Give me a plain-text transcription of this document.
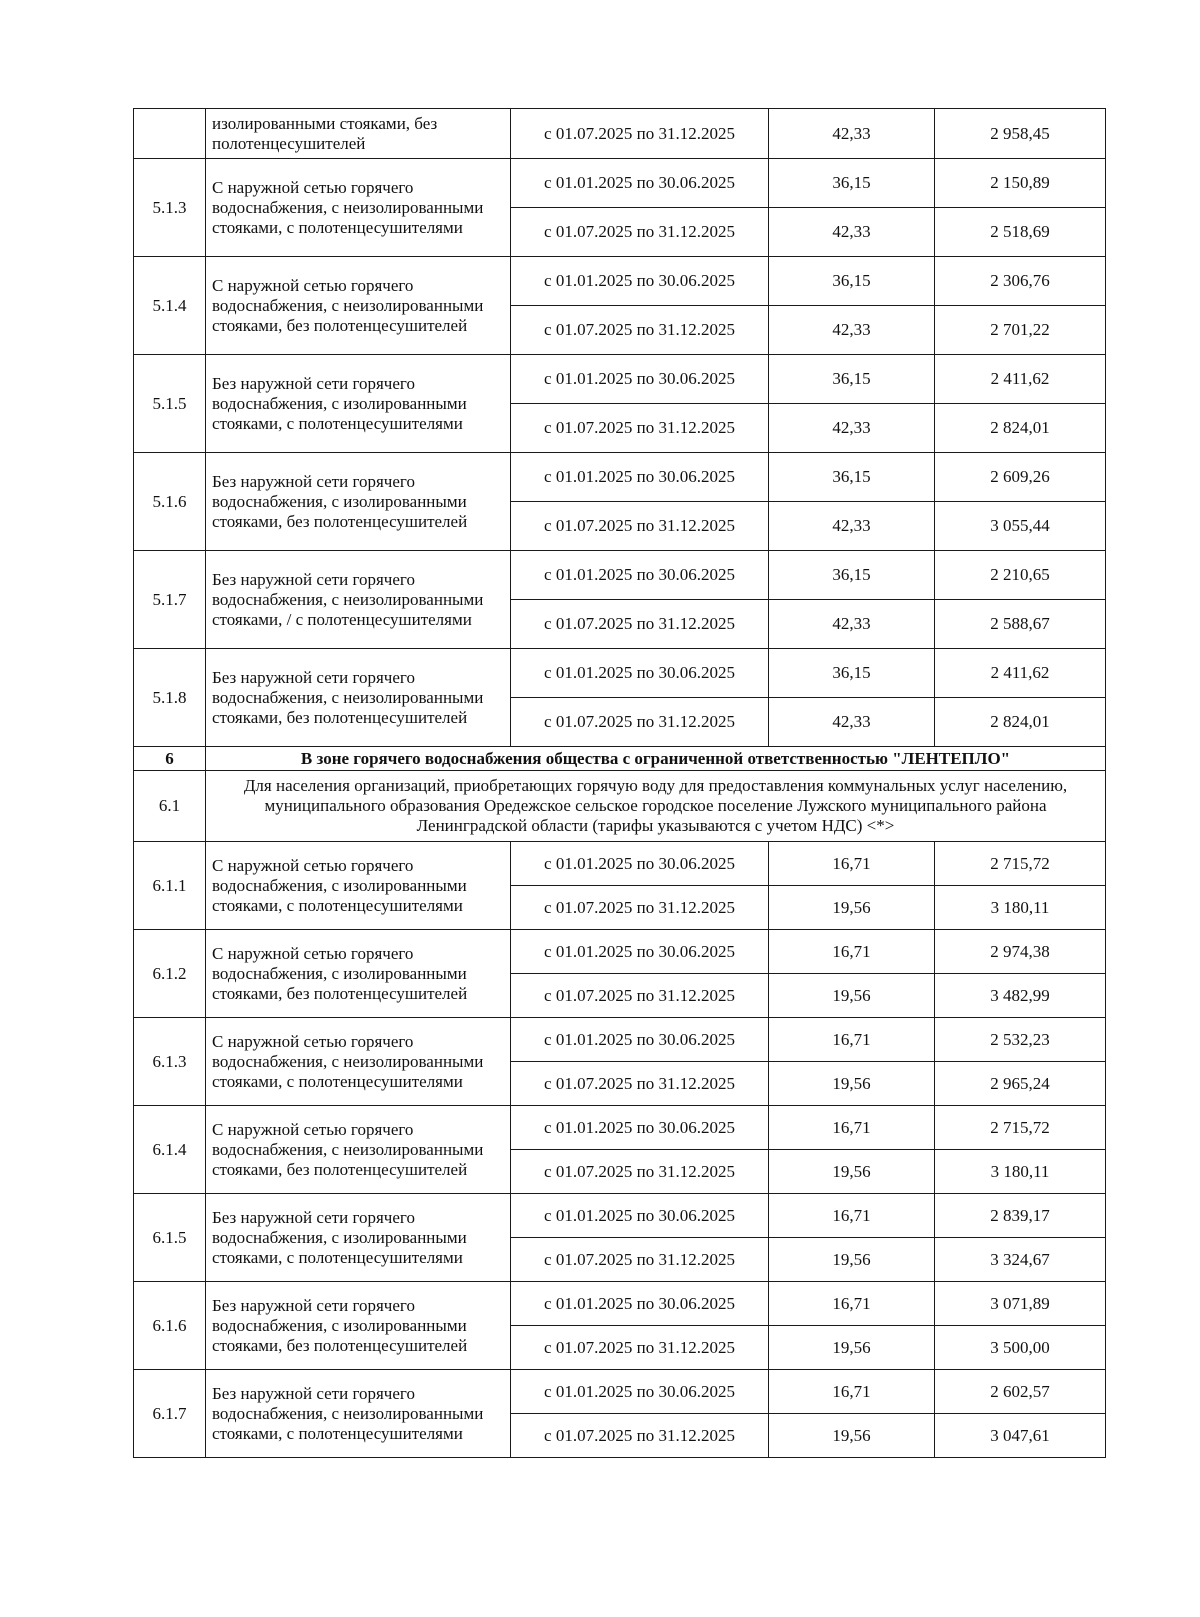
	изолированными стояками, без полотенцесушителей	с 01.07.2025 по 31.12.2025	42,33	2 958,45
5.1.3	С наружной сетью горячего водоснабжения, с неизолированными стояками, с полотенцесушителями	с 01.01.2025 по 30.06.2025	36,15	2 150,89
		с 01.07.2025 по 31.12.2025	42,33	2 518,69
5.1.4	С наружной сетью горячего водоснабжения, с неизолированными стояками, без полотенцесушителей	с 01.01.2025 по 30.06.2025	36,15	2 306,76
		с 01.07.2025 по 31.12.2025	42,33	2 701,22
5.1.5	Без наружной сети горячего водоснабжения, с изолированными стояками, с полотенцесушителями	с 01.01.2025 по 30.06.2025	36,15	2 411,62
		с 01.07.2025 по 31.12.2025	42,33	2 824,01
5.1.6	Без наружной сети горячего водоснабжения, с изолированными стояками, без полотенцесушителей	с 01.01.2025 по 30.06.2025	36,15	2 609,26
		с 01.07.2025 по 31.12.2025	42,33	3 055,44
5.1.7	Без наружной сети горячего водоснабжения, с неизолированными стояками, / с полотенцесушителями	с 01.01.2025 по 30.06.2025	36,15	2 210,65
		с 01.07.2025 по 31.12.2025	42,33	2 588,67
5.1.8	Без наружной сети горячего водоснабжения, с неизолированными стояками, без полотенцесушителей	с 01.01.2025 по 30.06.2025	36,15	2 411,62
		с 01.07.2025 по 31.12.2025	42,33	2 824,01
6	В зоне горячего водоснабжения общества с ограниченной ответственностью "ЛЕНТЕПЛО"			
6.1	Для населения организаций, приобретающих горячую воду для предоставления коммунальных услуг населению, муниципального образования Оредежское сельское городское поселение Лужского муниципального района Ленинградской области (тарифы указываются с учетом НДС) <*>			
6.1.1	С наружной сетью горячего водоснабжения, с изолированными стояками, с полотенцесушителями	с 01.01.2025 по 30.06.2025	16,71	2 715,72
		с 01.07.2025 по 31.12.2025	19,56	3 180,11
6.1.2	С наружной сетью горячего водоснабжения, с изолированными стояками, без полотенцесушителей	с 01.01.2025 по 30.06.2025	16,71	2 974,38
		с 01.07.2025 по 31.12.2025	19,56	3 482,99
6.1.3	С наружной сетью горячего водоснабжения, с неизолированными стояками, с полотенцесушителями	с 01.01.2025 по 30.06.2025	16,71	2 532,23
		с 01.07.2025 по 31.12.2025	19,56	2 965,24
6.1.4	С наружной сетью горячего водоснабжения, с неизолированными стояками, без полотенцесушителей	с 01.01.2025 по 30.06.2025	16,71	2 715,72
		с 01.07.2025 по 31.12.2025	19,56	3 180,11
6.1.5	Без наружной сети горячего водоснабжения, с изолированными стояками, с полотенцесушителями	с 01.01.2025 по 30.06.2025	16,71	2 839,17
		с 01.07.2025 по 31.12.2025	19,56	3 324,67
6.1.6	Без наружной сети горячего водоснабжения, с изолированными стояками, без полотенцесушителей	с 01.01.2025 по 30.06.2025	16,71	3 071,89
		с 01.07.2025 по 31.12.2025	19,56	3 500,00
6.1.7	Без наружной сети горячего водоснабжения, с неизолированными стояками, с полотенцесушителями	с 01.01.2025 по 30.06.2025	16,71	2 602,57
		с 01.07.2025 по 31.12.2025	19,56	3 047,61
